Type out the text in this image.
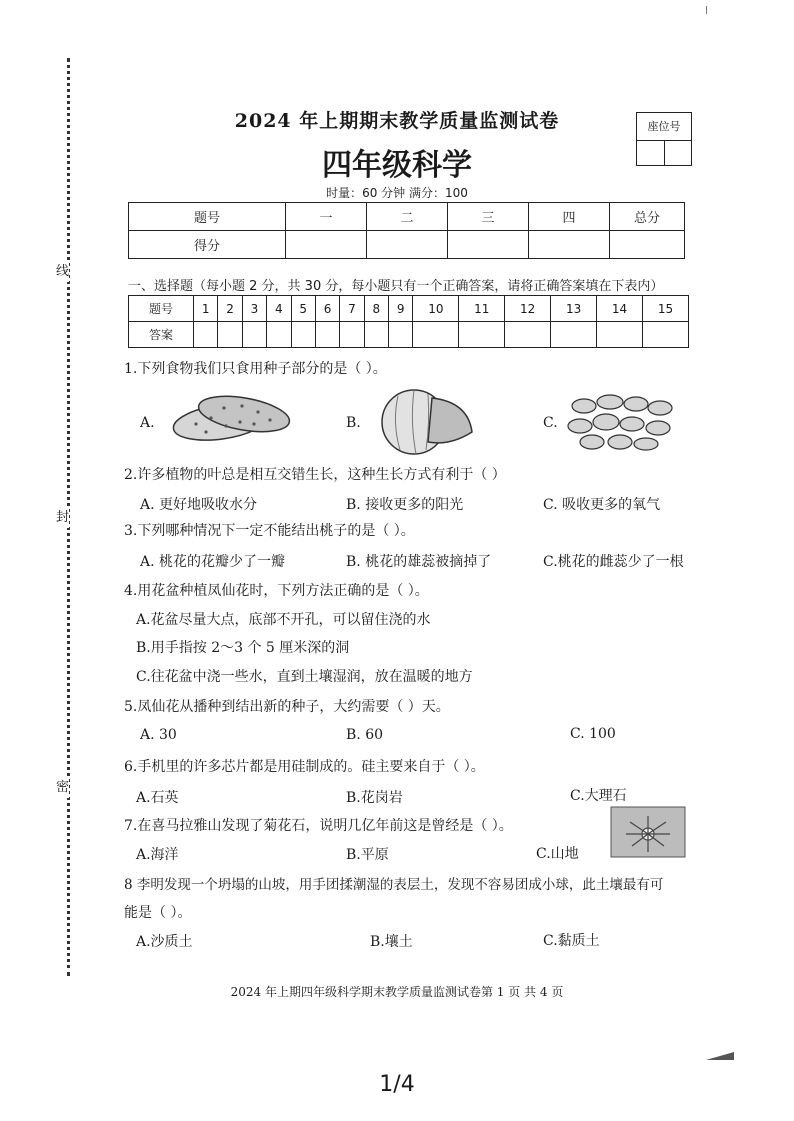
线
封
密
2024 年上期期末教学质量监测试卷
四年级科学
座位号
时量：60 分钟 满分：100
题号	一	二	三	四	总分
得分					
一、选择题（每小题 2 分，共 30 分，每小题只有一个正确答案，请将正确答案填在下表内）
题号	1	2	3	4	5	6	7	8	9	10	11	12	13	14	15
答案															
1.下列食物我们只食用种子部分的是（ ）。
A.	B.	C.
2.许多植物的叶总是相互交错生长，这种生长方式有利于（ ）
A. 更好地吸收水分	B. 接收更多的阳光	C. 吸收更多的氧气
3.下列哪种情况下一定不能结出桃子的是（ ）。
A. 桃花的花瓣少了一瓣	B. 桃花的雄蕊被摘掉了	C.桃花的雌蕊少了一根
4.用花盆种植凤仙花时，下列方法正确的是（ ）。
A.花盆尽量大点，底部不开孔，可以留住浇的水
B.用手指按 2～3 个 5 厘米深的洞
C.往花盆中浇一些水，直到土壤湿润，放在温暖的地方
5.凤仙花从播种到结出新的种子，大约需要（ ）天。
A. 30	B. 60	C. 100
6.手机里的许多芯片都是用硅制成的。硅主要来自于（ ）。
A.石英	B.花岗岩	C.大理石
7.在喜马拉雅山发现了菊花石，说明几亿年前这是曾经是（ ）。
A.海洋	B.平原	C.山地
8 李明发现一个坍塌的山坡，用手团揉潮湿的表层土，发现不容易团成小球，此土壤最有可
能是（ ）。
A.沙质土	B.壤土	C.黏质土
2024 年上期四年级科学期末教学质量监测试卷第 1 页 共 4 页
1/4
